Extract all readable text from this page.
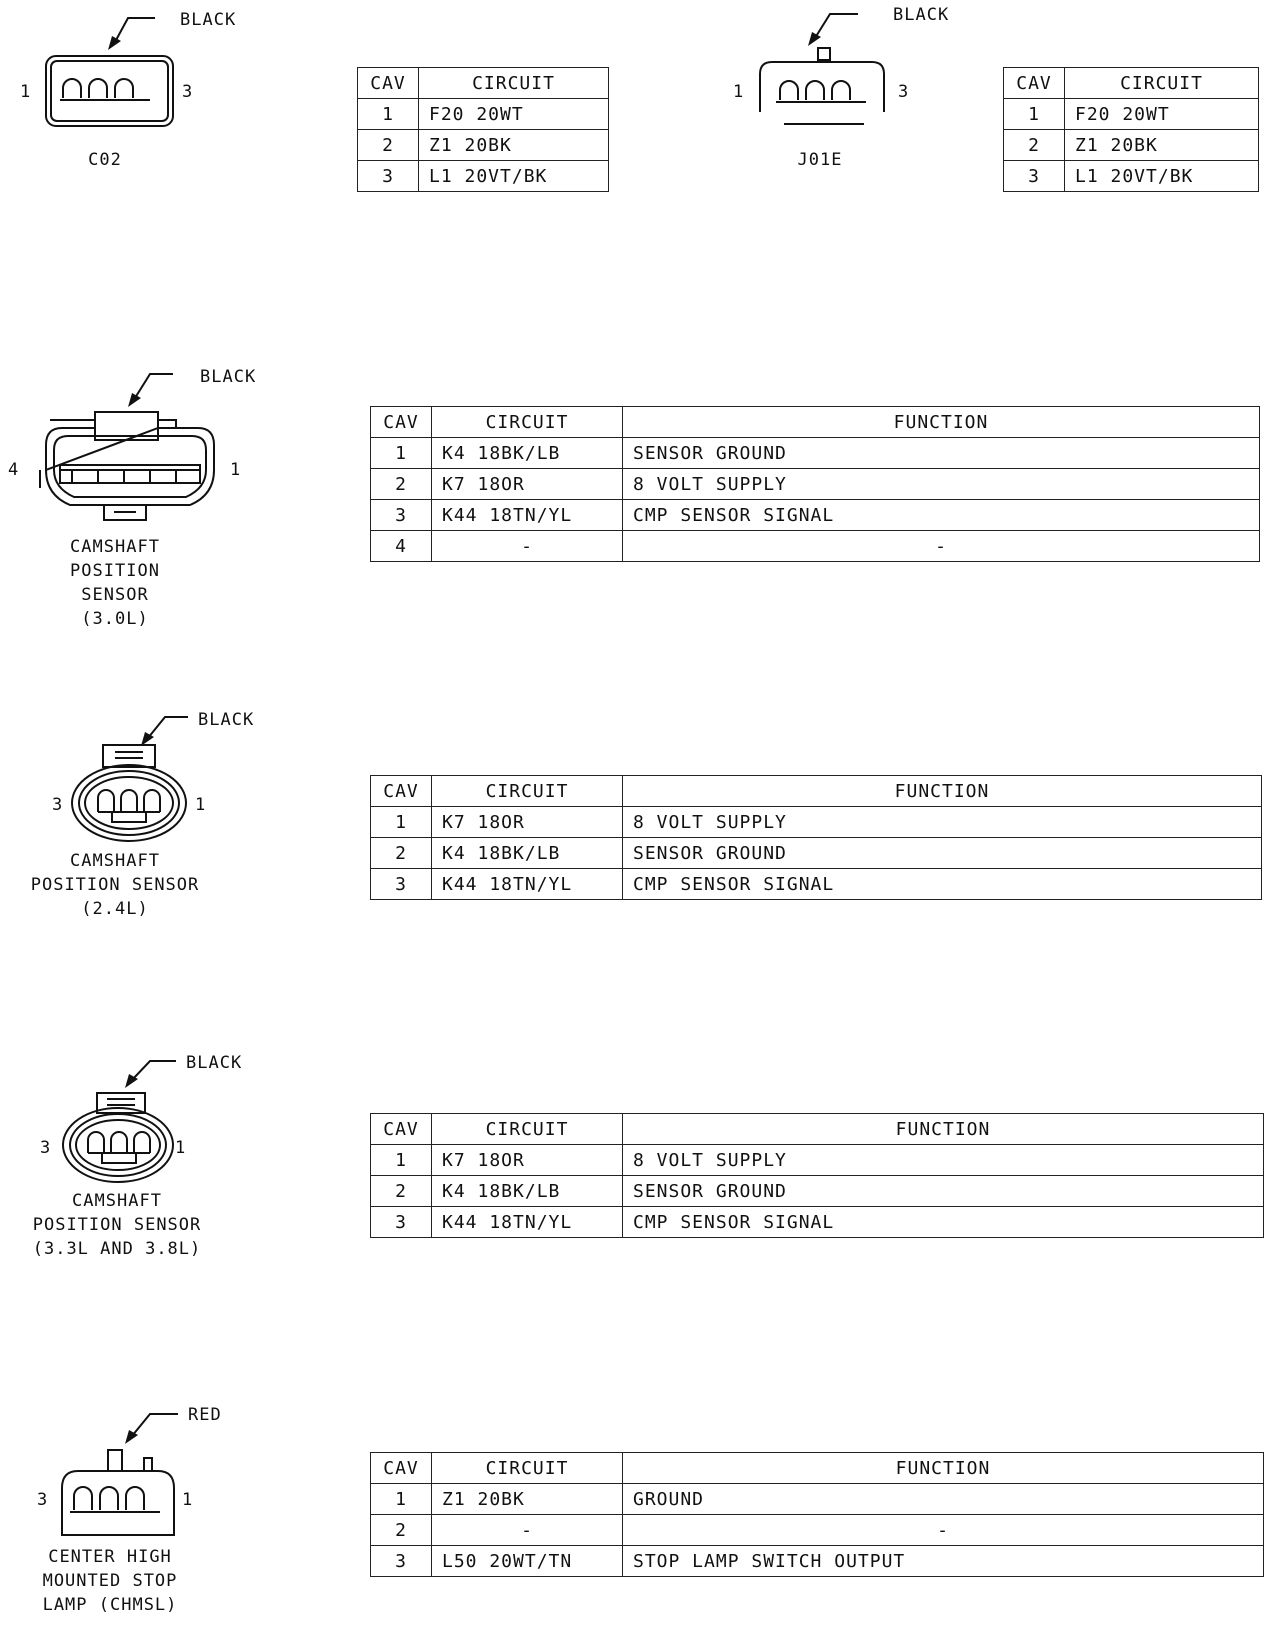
BLACK
1	3
C02
CAV	CIRCUIT
1	F20 20WT
2	Z1 20BK
3	L1 20VT/BK
BLACK
1	3
J01E
CAV	CIRCUIT
1	F20 20WT
2	Z1 20BK
3	L1 20VT/BK
BLACK
4	1
CAMSHAFT
POSITION
SENSOR
(3.0L)
CAV	CIRCUIT	FUNCTION
1	K4 18BK/LB	SENSOR GROUND
2	K7 18OR	8 VOLT SUPPLY
3	K44 18TN/YL	CMP SENSOR SIGNAL
4	-	-
BLACK
3	1
CAMSHAFT
POSITION SENSOR
(2.4L)
CAV	CIRCUIT	FUNCTION
1	K7 18OR	8 VOLT SUPPLY
2	K4 18BK/LB	SENSOR GROUND
3	K44 18TN/YL	CMP SENSOR SIGNAL
BLACK
3	1
CAMSHAFT
POSITION SENSOR
(3.3L AND 3.8L)
CAV	CIRCUIT	FUNCTION
1	K7 18OR	8 VOLT SUPPLY
2	K4 18BK/LB	SENSOR GROUND
3	K44 18TN/YL	CMP SENSOR SIGNAL
RED
3	1
CENTER HIGH
MOUNTED STOP
LAMP (CHMSL)
CAV	CIRCUIT	FUNCTION
1	Z1 20BK	GROUND
2	-	-
3	L50 20WT/TN	STOP LAMP SWITCH OUTPUT
